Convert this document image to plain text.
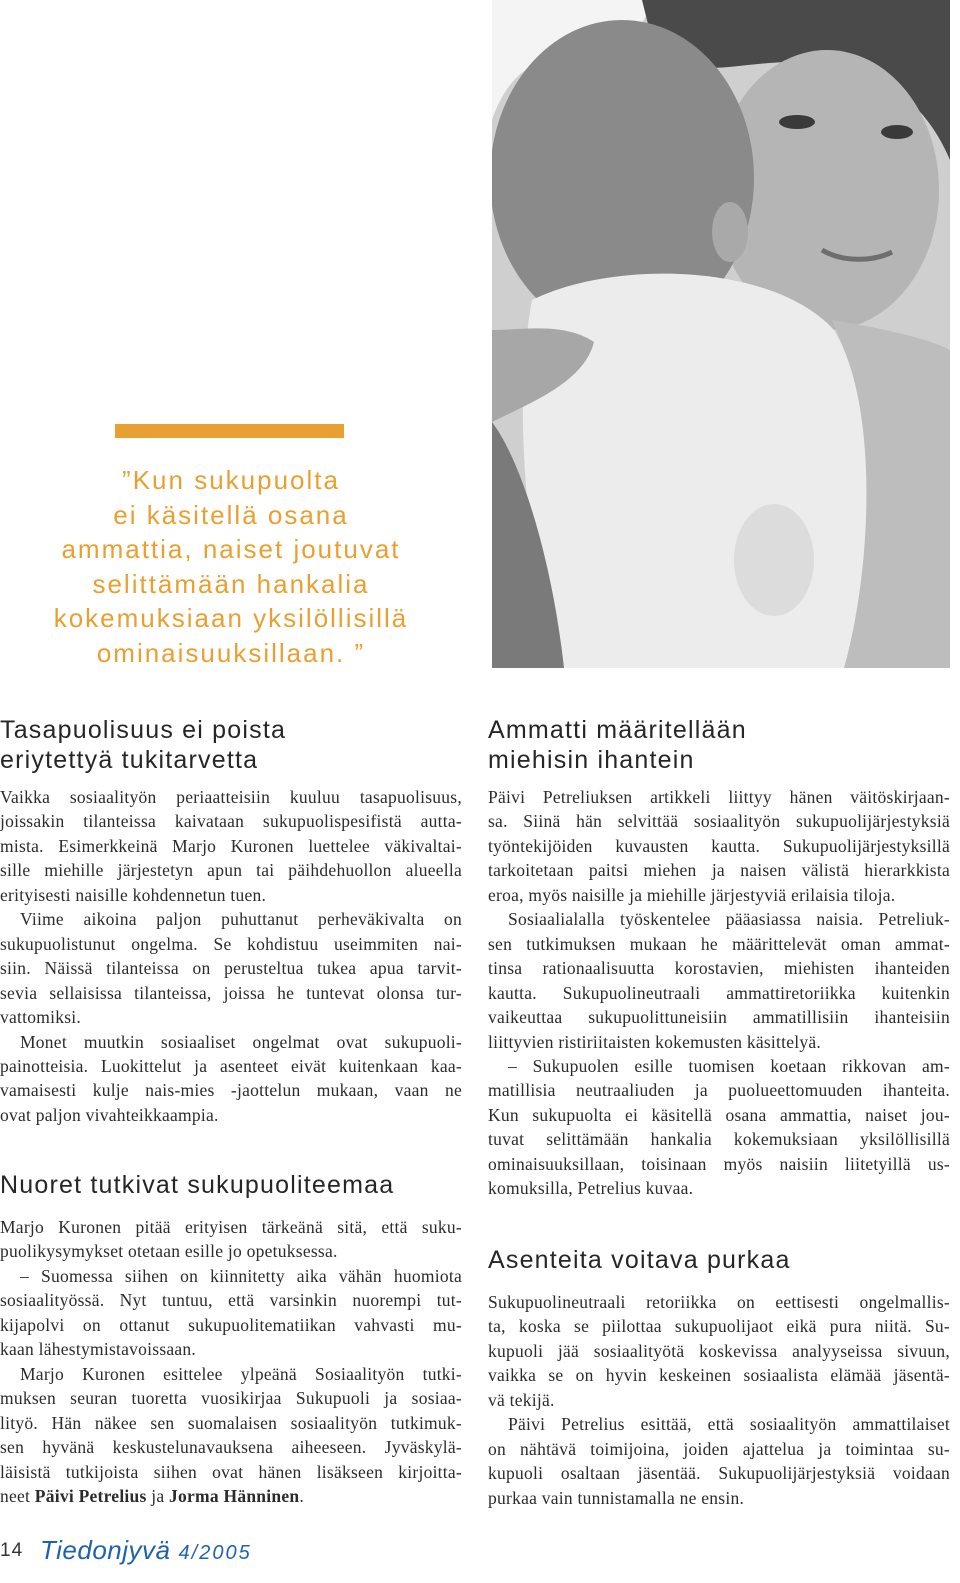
”Kun sukupuolta
ei käsitellä osana
ammattia, naiset joutuvat
selittämään hankalia
kokemuksiaan yksilöllisillä
ominaisuuksillaan. ”
Tasapuolisuus ei poista
eriytettyä tukitarvetta
Vaikka sosiaalityön periaatteisiin kuuluu tasapuolisuus,
joissakin tilanteissa kaivataan sukupuolispesifistä autta-
mista. Esimerkkeinä Marjo Kuronen luettelee väkivaltai-
sille miehille järjestetyn apun tai päihdehuollon alueella
erityisesti naisille kohdennetun tuen.
Viime aikoina paljon puhuttanut perheväkivalta on
sukupuolistunut ongelma. Se kohdistuu useimmiten nai-
siin. Näissä tilanteissa on perusteltua tukea apua tarvit-
sevia sellaisissa tilanteissa, joissa he tuntevat olonsa tur-
vattomiksi.
Monet muutkin sosiaaliset ongelmat ovat sukupuoli-
painotteisia. Luokittelut ja asenteet eivät kuitenkaan kaa-
vamaisesti kulje nais-mies -jaottelun mukaan, vaan ne
ovat paljon vivahteikkaampia.
Nuoret tutkivat sukupuoliteemaa
Marjo Kuronen pitää erityisen tärkeänä sitä, että suku-
puolikysymykset otetaan esille jo opetuksessa.
– Suomessa siihen on kiinnitetty aika vähän huomiota
sosiaalityössä. Nyt tuntuu, että varsinkin nuorempi tut-
kijapolvi on ottanut sukupuolitematiikan vahvasti mu-
kaan lähestymistavoissaan.
Marjo Kuronen esittelee ylpeänä Sosiaalityön tutki-
muksen seuran tuoretta vuosikirjaa Sukupuoli ja sosiaa-
lityö. Hän näkee sen suomalaisen sosiaalityön tutkimuk-
sen hyvänä keskustelunavauksena aiheeseen. Jyväskylä-
läisistä tutkijoista siihen ovat hänen lisäkseen kirjoitta-
neet Päivi Petrelius ja Jorma Hänninen.
Ammatti määritellään
miehisin ihantein
Päivi Petreliuksen artikkeli liittyy hänen väitöskirjaan-
sa. Siinä hän selvittää sosiaalityön sukupuolijärjestyksiä
työntekijöiden kuvausten kautta. Sukupuolijärjestyksillä
tarkoitetaan paitsi miehen ja naisen välistä hierarkkista
eroa, myös naisille ja miehille järjestyviä erilaisia tiloja.
Sosiaalialalla työskentelee pääasiassa naisia. Petreliuk-
sen tutkimuksen mukaan he määrittelevät oman ammat-
tinsa rationaalisuutta korostavien, miehisten ihanteiden
kautta. Sukupuolineutraali ammattiretoriikka kuitenkin
vaikeuttaa sukupuolittuneisiin ammatillisiin ihanteisiin
liittyvien ristiriitaisten kokemusten käsittelyä.
– Sukupuolen esille tuomisen koetaan rikkovan am-
matillisia neutraaliuden ja puolueettomuuden ihanteita.
Kun sukupuolta ei käsitellä osana ammattia, naiset jou-
tuvat selittämään hankalia kokemuksiaan yksilöllisillä
ominaisuuksillaan, toisinaan myös naisiin liitetyillä us-
komuksilla, Petrelius kuvaa.
Asenteita voitava purkaa
Sukupuolineutraali retoriikka on eettisesti ongelmallis-
ta, koska se piilottaa sukupuolijaot eikä pura niitä. Su-
kupuoli jää sosiaalityötä koskevissa analyyseissa sivuun,
vaikka se on hyvin keskeinen sosiaalista elämää jäsentä-
vä tekijä.
Päivi Petrelius esittää, että sosiaalityön ammattilaiset
on nähtävä toimijoina, joiden ajattelua ja toimintaa su-
kupuoli osaltaan jäsentää. Sukupuolijärjestyksiä voidaan
purkaa vain tunnistamalla ne ensin.
14 Tiedonjyvä 4/2005
